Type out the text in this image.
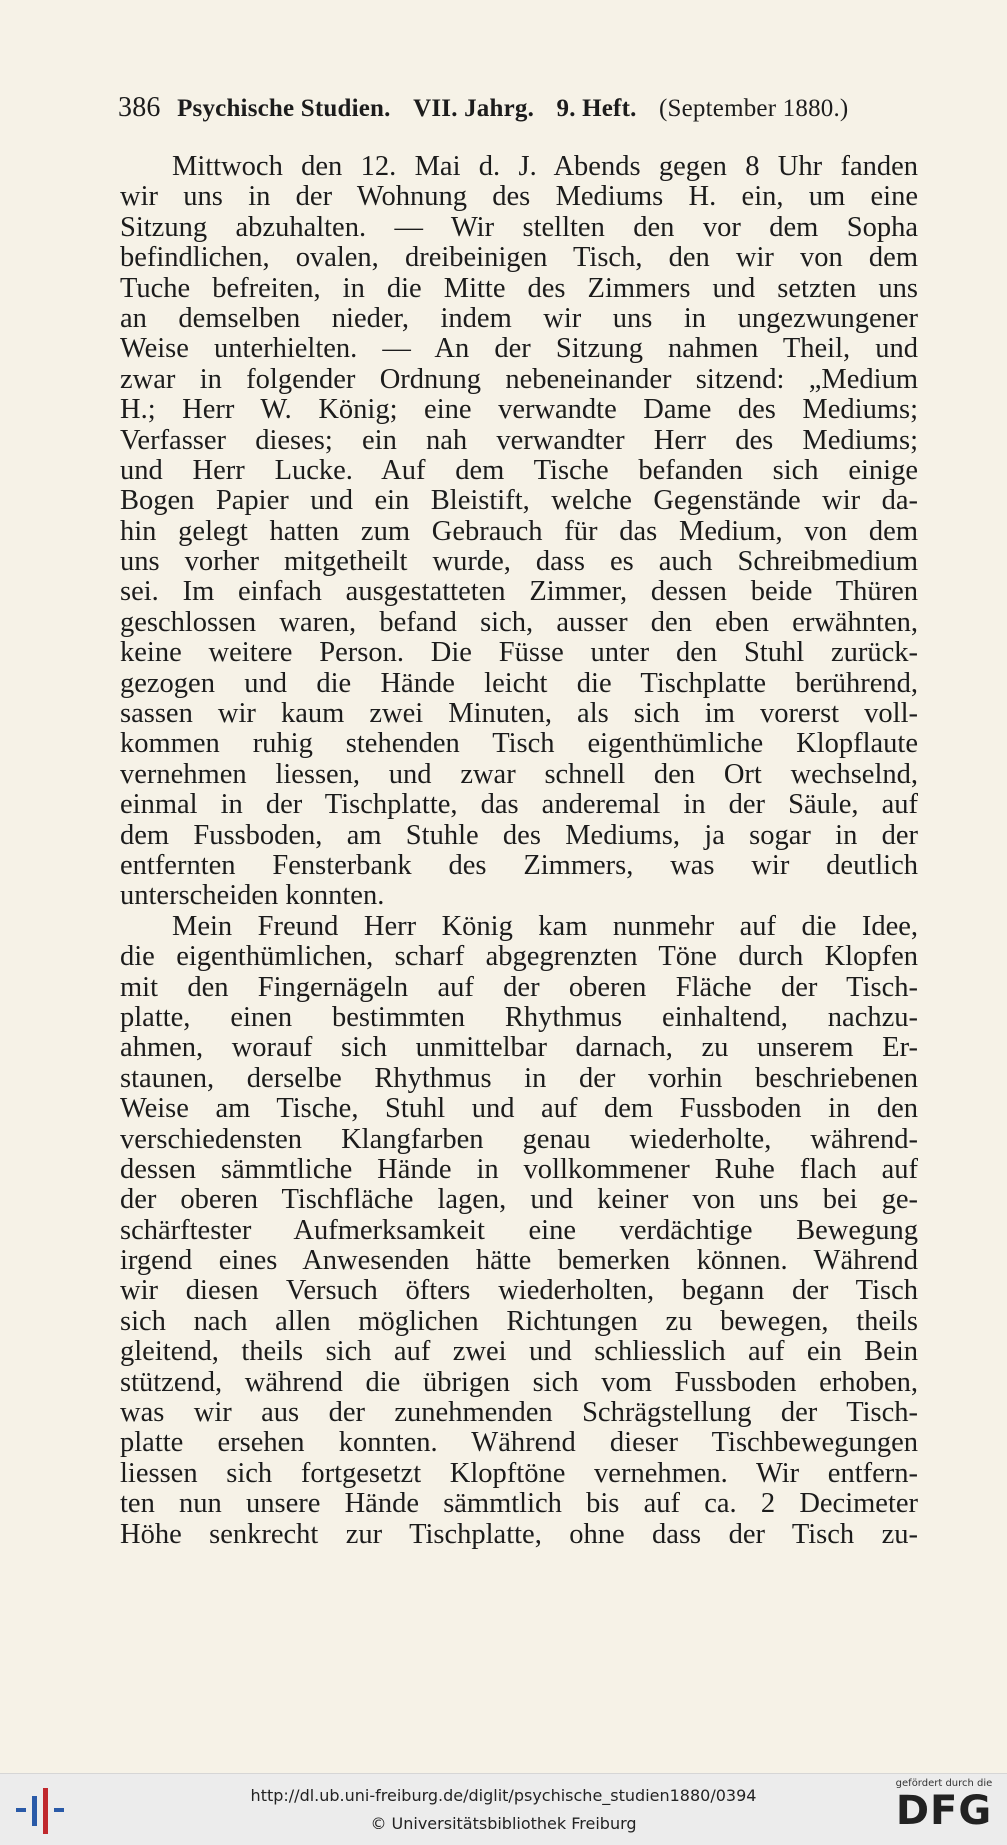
386 Psychische Studien. VII. Jahrg. 9. Heft. (September 1880.)
Mittwoch den 12. Mai d. J. Abends gegen 8 Uhr fanden
wir uns in der Wohnung des Mediums H. ein, um eine
Sitzung abzuhalten. — Wir stellten den vor dem Sopha
befindlichen, ovalen, dreibeinigen Tisch, den wir von dem
Tuche befreiten, in die Mitte des Zimmers und setzten uns
an demselben nieder, indem wir uns in ungezwungener
Weise unterhielten. — An der Sitzung nahmen Theil, und
zwar in folgender Ordnung nebeneinander sitzend: „Medium
H.; Herr W. König; eine verwandte Dame des Mediums;
Verfasser dieses; ein nah verwandter Herr des Mediums;
und Herr Lucke. Auf dem Tische befanden sich einige
Bogen Papier und ein Bleistift, welche Gegenstände wir da-
hin gelegt hatten zum Gebrauch für das Medium, von dem
uns vorher mitgetheilt wurde, dass es auch Schreibmedium
sei. Im einfach ausgestatteten Zimmer, dessen beide Thüren
geschlossen waren, befand sich, ausser den eben erwähnten,
keine weitere Person. Die Füsse unter den Stuhl zurück-
gezogen und die Hände leicht die Tischplatte berührend,
sassen wir kaum zwei Minuten, als sich im vorerst voll-
kommen ruhig stehenden Tisch eigenthümliche Klopflaute
vernehmen liessen, und zwar schnell den Ort wechselnd,
einmal in der Tischplatte, das anderemal in der Säule, auf
dem Fussboden, am Stuhle des Mediums, ja sogar in der
entfernten Fensterbank des Zimmers, was wir deutlich
unterscheiden konnten.
Mein Freund Herr König kam nunmehr auf die Idee,
die eigenthümlichen, scharf abgegrenzten Töne durch Klopfen
mit den Fingernägeln auf der oberen Fläche der Tisch-
platte, einen bestimmten Rhythmus einhaltend, nachzu-
ahmen, worauf sich unmittelbar darnach, zu unserem Er-
staunen, derselbe Rhythmus in der vorhin beschriebenen
Weise am Tische, Stuhl und auf dem Fussboden in den
verschiedensten Klangfarben genau wiederholte, während-
dessen sämmtliche Hände in vollkommener Ruhe flach auf
der oberen Tischfläche lagen, und keiner von uns bei ge-
schärftester Aufmerksamkeit eine verdächtige Bewegung
irgend eines Anwesenden hätte bemerken können. Während
wir diesen Versuch öfters wiederholten, begann der Tisch
sich nach allen möglichen Richtungen zu bewegen, theils
gleitend, theils sich auf zwei und schliesslich auf ein Bein
stützend, während die übrigen sich vom Fussboden erhoben,
was wir aus der zunehmenden Schrägstellung der Tisch-
platte ersehen konnten. Während dieser Tischbewegungen
liessen sich fortgesetzt Klopftöne vernehmen. Wir entfern-
ten nun unsere Hände sämmtlich bis auf ca. 2 Decimeter
Höhe senkrecht zur Tischplatte, ohne dass der Tisch zu-
http://dl.ub.uni-freiburg.de/diglit/psychische_studien1880/0394
© Universitätsbibliothek Freiburg
gefördert durch die
DFG
